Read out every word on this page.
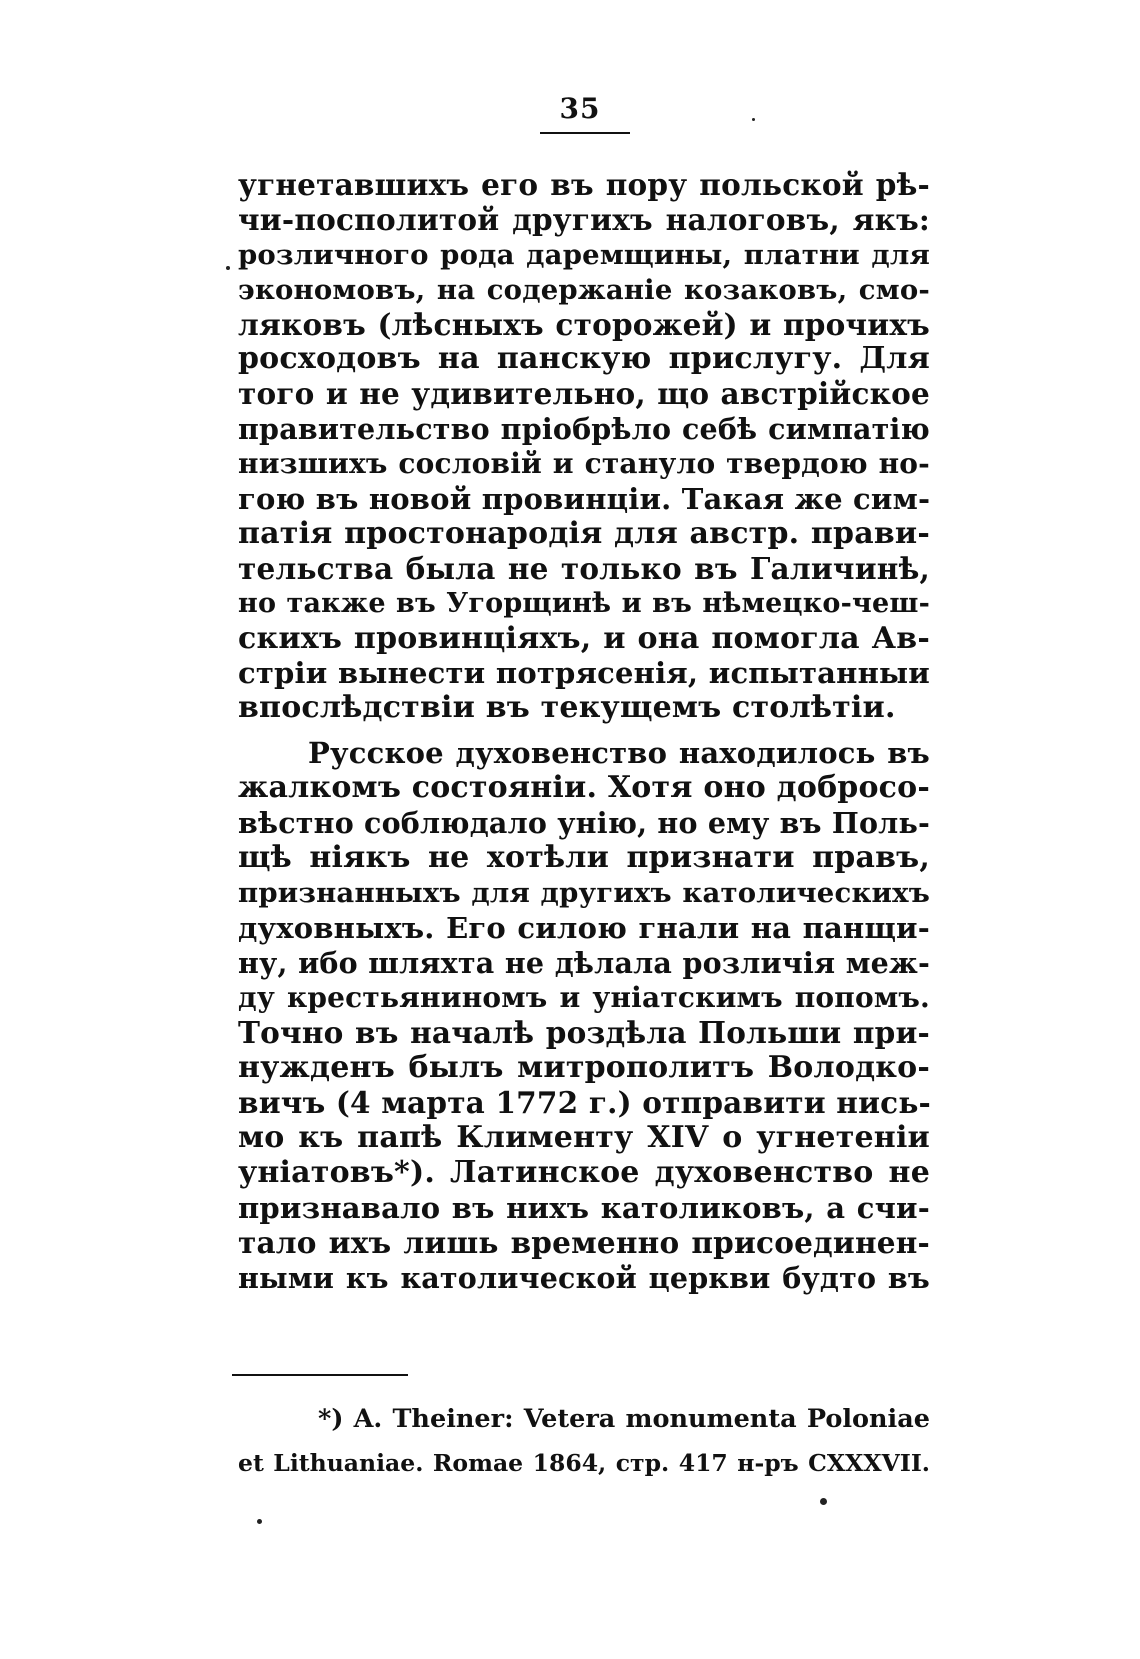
35
угнетавшихъ его въ пору польской рѣ-
чи-посполитой другихъ налоговъ, якъ:
розличного рода даремщины, платни для
экономовъ, на содержаніе козаковъ, смо-
ляковъ (лѣсныхъ сторожей) и прочихъ
росходовъ на панскую прислугу. Для
того и не удивительно, що австрійское
правительство пріобрѣло себѣ симпатію
низшихъ сословій и стануло твердою но-
гою въ новой провинціи. Такая же сим-
патія простонародія для австр. прави-
тельства была не только въ Галичинѣ,
но также въ Угорщинѣ и въ нѣмецко-чеш-
скихъ провинціяхъ, и она помогла Ав-
стріи вынести потрясенія, испытанныи
впослѣдствіи въ текущемъ столѣтіи.
Русское духовенство находилось въ
жалкомъ состояніи. Хотя оно добросо-
вѣстно соблюдало унію, но ему въ Поль-
щѣ ніякъ не хотѣли признати правъ,
признанныхъ для другихъ католическихъ
духовныхъ. Его силою гнали на панщи-
ну, ибо шляхта не дѣлала розличія меж-
ду крестьяниномъ и уніатскимъ попомъ.
Точно въ началѣ роздѣла Польши при-
нужденъ былъ митрополитъ Володко-
вичъ (4 марта 1772 г.) отправити нись-
мо къ папѣ Клименту XIV о угнетеніи
уніатовъ*). Латинское духовенство не
признавало въ нихъ католиковъ, а счи-
тало ихъ лишь временно присоединен-
ными къ католической церкви будто въ
*) A. Theiner: Vetera monumenta Poloniae
et Lithuaniae. Romae 1864, стр. 417 н-ръ CXXXVII.
